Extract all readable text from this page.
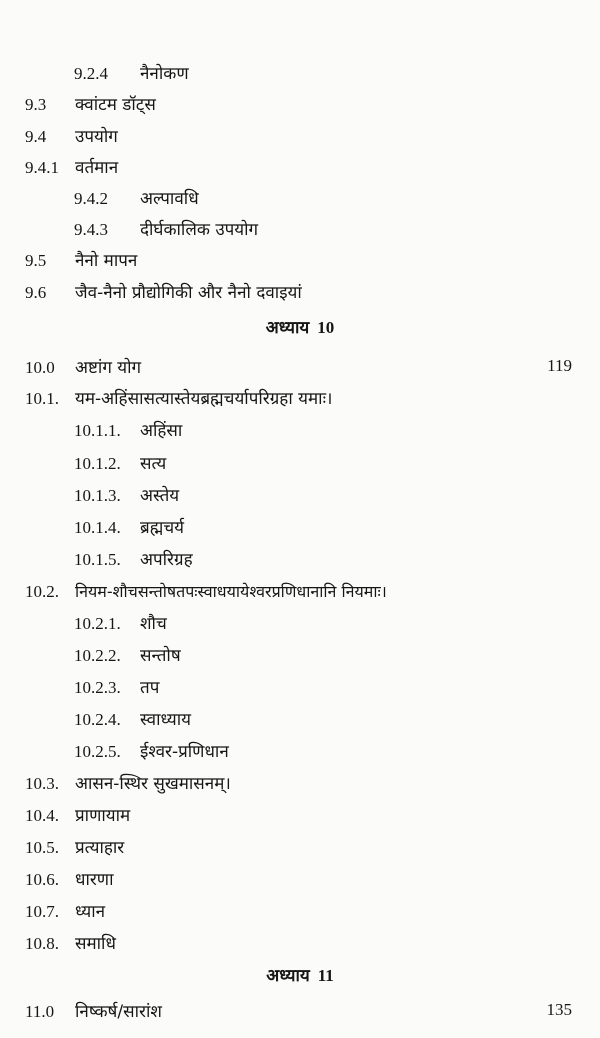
9.2.4 नैनोकण
9.3 क्वांटम डॉट्स
9.4 उपयोग
9.4.1 वर्तमान
9.4.2 अल्पावधि
9.4.3 दीर्घकालिक उपयोग
9.5 नैनो मापन
9.6 जैव-नैनो प्रौद्योगिकी और नैनो दवाइयां
अध्याय 10
10.0 अष्टांग योग	119
10.1. यम-अहिंसासत्यास्तेयब्रह्मचर्यापरिग्रहा यमाः।
10.1.1. अहिंसा
10.1.2. सत्य
10.1.3. अस्तेय
10.1.4. ब्रह्मचर्य
10.1.5. अपरिग्रह
10.2. नियम-शौचसन्तोषतपःस्वाधयायेश्वरप्रणिधानानि नियमाः।
10.2.1. शौच
10.2.2. सन्तोष
10.2.3. तप
10.2.4. स्वाध्याय
10.2.5. ईश्वर-प्रणिधान
10.3. आसन-स्थिर सुखमासनम्।
10.4. प्राणायाम
10.5. प्रत्याहार
10.6. धारणा
10.7. ध्यान
10.8. समाधि
अध्याय 11
11.0 निष्कर्ष/सारांश	135
